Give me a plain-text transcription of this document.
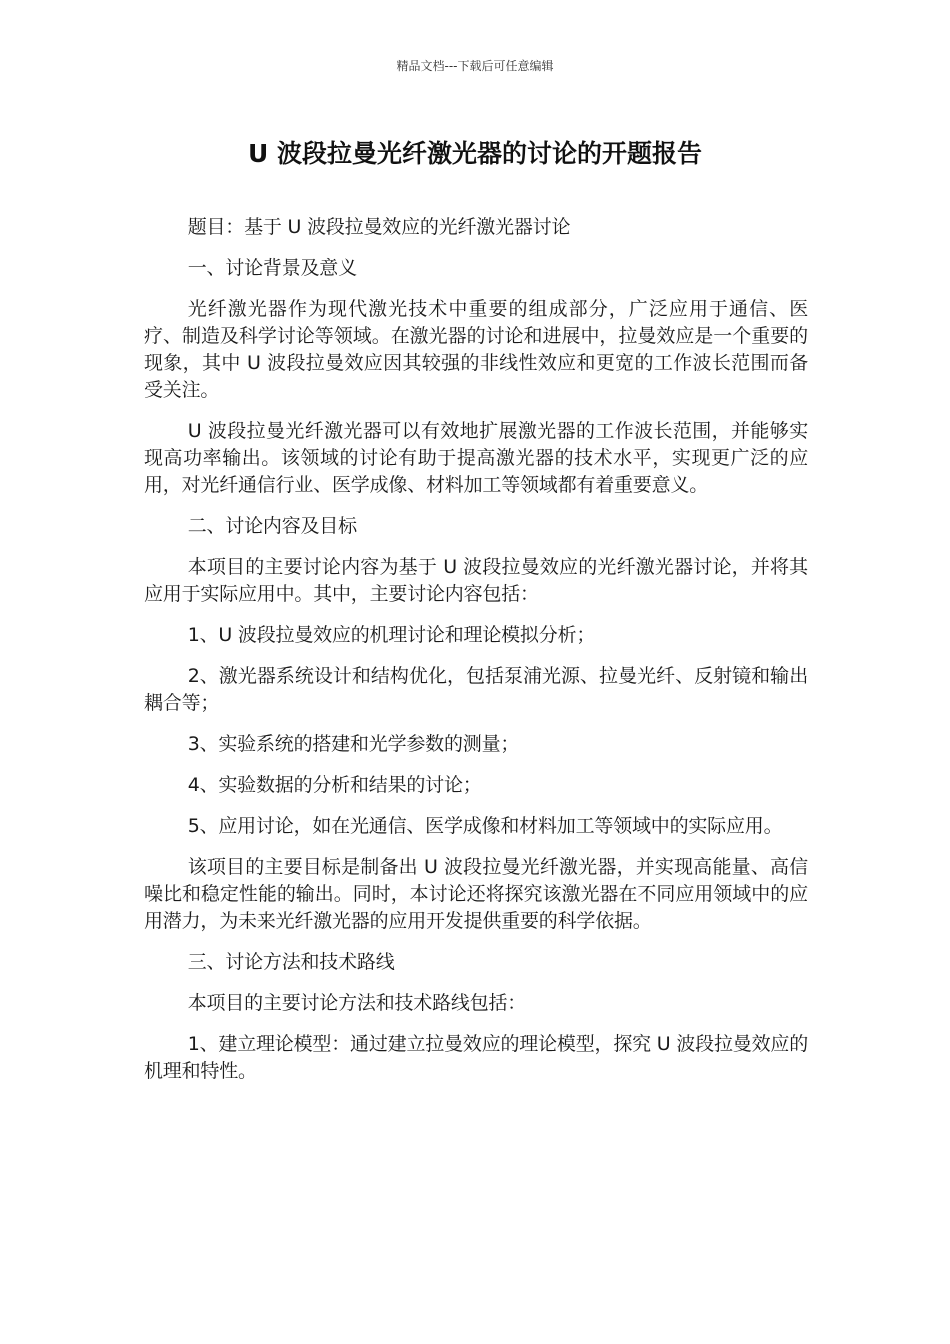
精品文档---下载后可任意编辑
U 波段拉曼光纤激光器的讨论的开题报告

题目：基于 U 波段拉曼效应的光纤激光器讨论

一、讨论背景及意义

光纤激光器作为现代激光技术中重要的组成部分，广泛应用于通信、医疗、制造及科学讨论等领域。在激光器的讨论和进展中，拉曼效应是一个重要的现象，其中 U 波段拉曼效应因其较强的非线性效应和更宽的工作波长范围而备受关注。

U 波段拉曼光纤激光器可以有效地扩展激光器的工作波长范围，并能够实现高功率输出。该领域的讨论有助于提高激光器的技术水平，实现更广泛的应用，对光纤通信行业、医学成像、材料加工等领域都有着重要意义。

二、讨论内容及目标

本项目的主要讨论内容为基于 U 波段拉曼效应的光纤激光器讨论，并将其应用于实际应用中。其中，主要讨论内容包括：

1、U 波段拉曼效应的机理讨论和理论模拟分析；

2、激光器系统设计和结构优化，包括泵浦光源、拉曼光纤、反射镜和输出耦合等；

3、实验系统的搭建和光学参数的测量；

4、实验数据的分析和结果的讨论；

5、应用讨论，如在光通信、医学成像和材料加工等领域中的实际应用。

该项目的主要目标是制备出 U 波段拉曼光纤激光器，并实现高能量、高信噪比和稳定性能的输出。同时，本讨论还将探究该激光器在不同应用领域中的应用潜力，为未来光纤激光器的应用开发提供重要的科学依据。

三、讨论方法和技术路线

本项目的主要讨论方法和技术路线包括：

1、建立理论模型：通过建立拉曼效应的理论模型，探究 U 波段拉曼效应的机理和特性。
